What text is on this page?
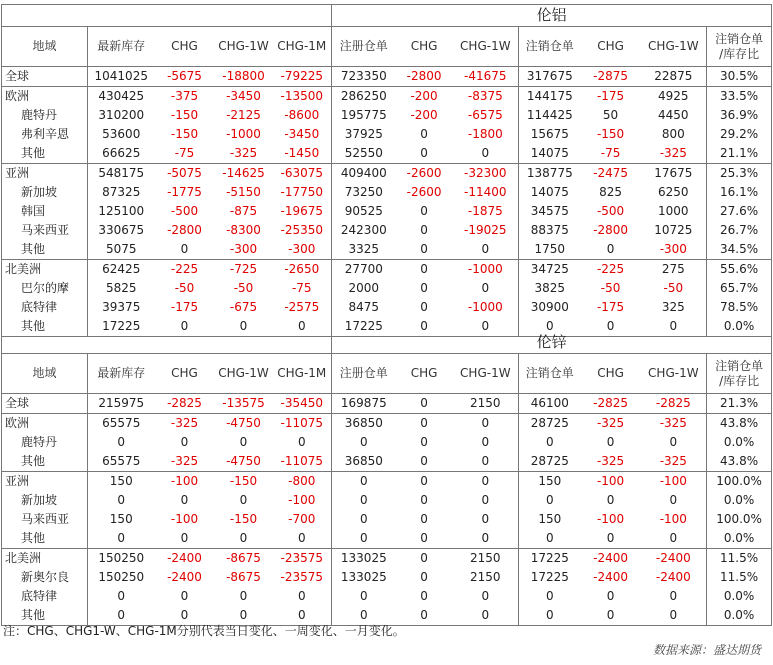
					伦铝						
地域	最新库存	CHG	CHG-1W	CHG-1M	注册仓单	CHG	CHG-1W	注销仓单	CHG	CHG-1W	注销仓单
/库存比

全球	1041025	-5675	-18800	-79225	723350	-2800	-41675	317675	-2875	22875	30.5%
欧洲	430425	-375	-3450	-13500	286250	-200	-8375	144175	-175	4925	33.5%
鹿特丹	310200	-150	-2125	-8600	195775	-200	-6575	114425	50	4450	36.9%
弗利辛恩	53600	-150	-1000	-3450	37925	0	-1800	15675	-150	800	29.2%
其他	66625	-75	-325	-1450	52550	0	0	14075	-75	-325	21.1%
亚洲	548175	-5075	-14625	-63075	409400	-2600	-32300	138775	-2475	17675	25.3%
新加坡	87325	-1775	-5150	-17750	73250	-2600	-11400	14075	825	6250	16.1%
韩国	125100	-500	-875	-19675	90525	0	-1875	34575	-500	1000	27.6%
马来西亚	330675	-2800	-8300	-25350	242300	0	-19025	88375	-2800	10725	26.7%
其他	5075	0	-300	-300	3325	0	0	1750	0	-300	34.5%
北美洲	62425	-225	-725	-2650	27700	0	-1000	34725	-225	275	55.6%
巴尔的摩	5825	-50	-50	-75	2000	0	0	3825	-50	-50	65.7%
底特律	39375	-175	-675	-2575	8475	0	-1000	30900	-175	325	78.5%
其他	17225	0	0	0	17225	0	0	0	0	0	0.0%
					伦锌						
地域	最新库存	CHG	CHG-1W	CHG-1M	注册仓单	CHG	CHG-1W	注销仓单	CHG	CHG-1W	注销仓单
/库存比

全球	215975	-2825	-13575	-35450	169875	0	2150	46100	-2825	-2825	21.3%
欧洲	65575	-325	-4750	-11075	36850	0	0	28725	-325	-325	43.8%
鹿特丹	0	0	0	0	0	0	0	0	0	0	0.0%
其他	65575	-325	-4750	-11075	36850	0	0	28725	-325	-325	43.8%
亚洲	150	-100	-150	-800	0	0	0	150	-100	-100	100.0%
新加坡	0	0	0	-100	0	0	0	0	0	0	0.0%
马来西亚	150	-100	-150	-700	0	0	0	150	-100	-100	100.0%
其他	0	0	0	0	0	0	0	0	0	0	0.0%
北美洲	150250	-2400	-8675	-23575	133025	0	2150	17225	-2400	-2400	11.5%
新奥尔良	150250	-2400	-8675	-23575	133025	0	2150	17225	-2400	-2400	11.5%
底特律	0	0	0	0	0	0	0	0	0	0	0.0%
其他	0	0	0	0	0	0	0	0	0	0	0.0%
注：CHG、CHG1-W、CHG-1M分别代表当日变化、一周变化、一月变化。
数据来源：盛达期货
